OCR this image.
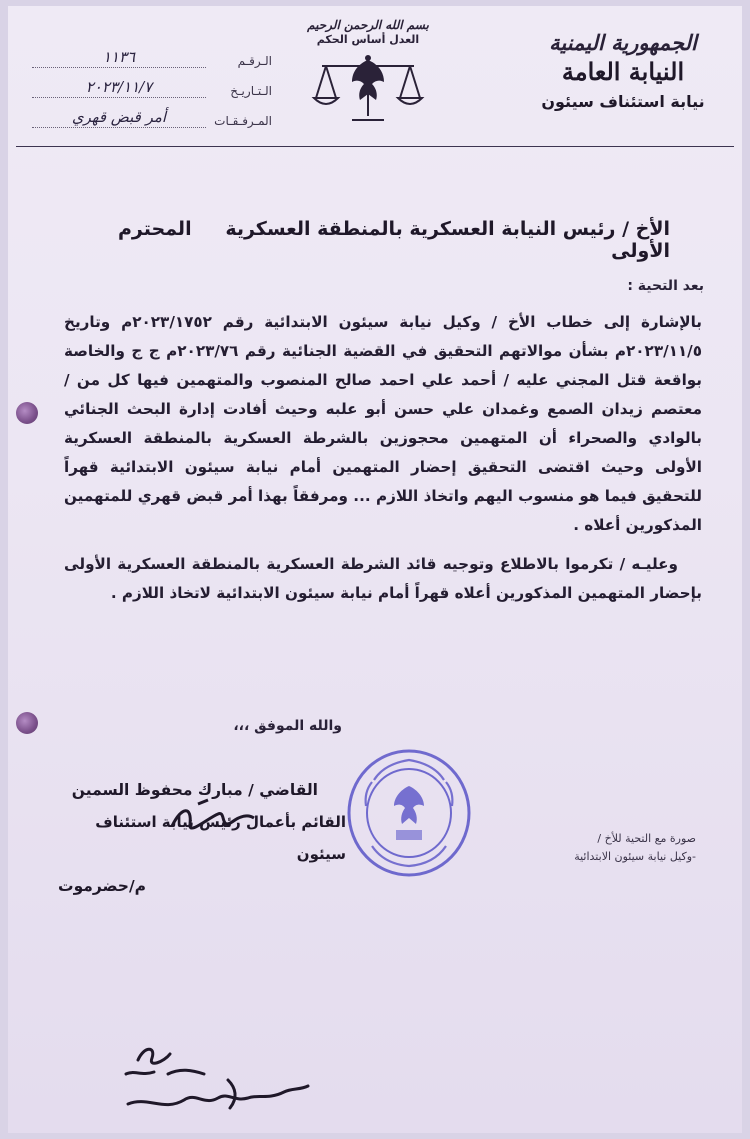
الجمهورية اليمنية
النيابة العامة
نيابة استئناف سيئون
بسم الله الرحمن الرحيم
العدل أساس الحكم
الـرقـم
١١٣٦
الـتـاريـخ
٢٠٢٣/١١/٧
المـرفـقـات
أمر قبض قهري
الأخ / رئيس النيابة العسكرية بالمنطقة العسكرية الأولى
المحترم
بعد التحية :

بالإشارة إلى خطاب الأخ / وكيل نيابة سيئون الابتدائية رقم ٢٠٢٣/١٧٥٢م وتاريخ ٢٠٢٣/١١/٥م بشأن موالاتهم التحقيق في القضية الجنائية رقم ٢٠٢٣/٧٦م ج ج والخاصة بواقعة قتل المجني عليه / أحمد علي احمد صالح المنصوب والمتهمين فيها كل من / معتصم زيدان الصمع وغمدان علي حسن أبو علبه وحيث أفادت إدارة البحث الجنائي بالوادي والصحراء أن المتهمين محجوزين بالشرطة العسكرية بالمنطقة العسكرية الأولى وحيث اقتضى التحقيق إحضار المتهمين أمام نيابة سيئون الابتدائية قهراً للتحقيق فيما هو منسوب اليهم واتخاذ اللازم ... ومرفقاً بهذا أمر قبض قهري للمتهمين المذكورين أعلاه .

وعليـه / تكرموا بالاطلاع وتوجيه قائد الشرطة العسكرية بالمنطقة العسكرية الأولى بإحضار المتهمين المذكورين أعلاه قهراً أمام نيابة سيئون الابتدائية لاتخاذ اللازم .

والله الموفق ،،،
القاضي / مبارك محفوظ السمين
القائم بأعمال رئيس نيابة استئناف سيئون
م/حضرموت
صورة مع التحية للأخ /
-وكيل نيابة سيئون الابتدائية
